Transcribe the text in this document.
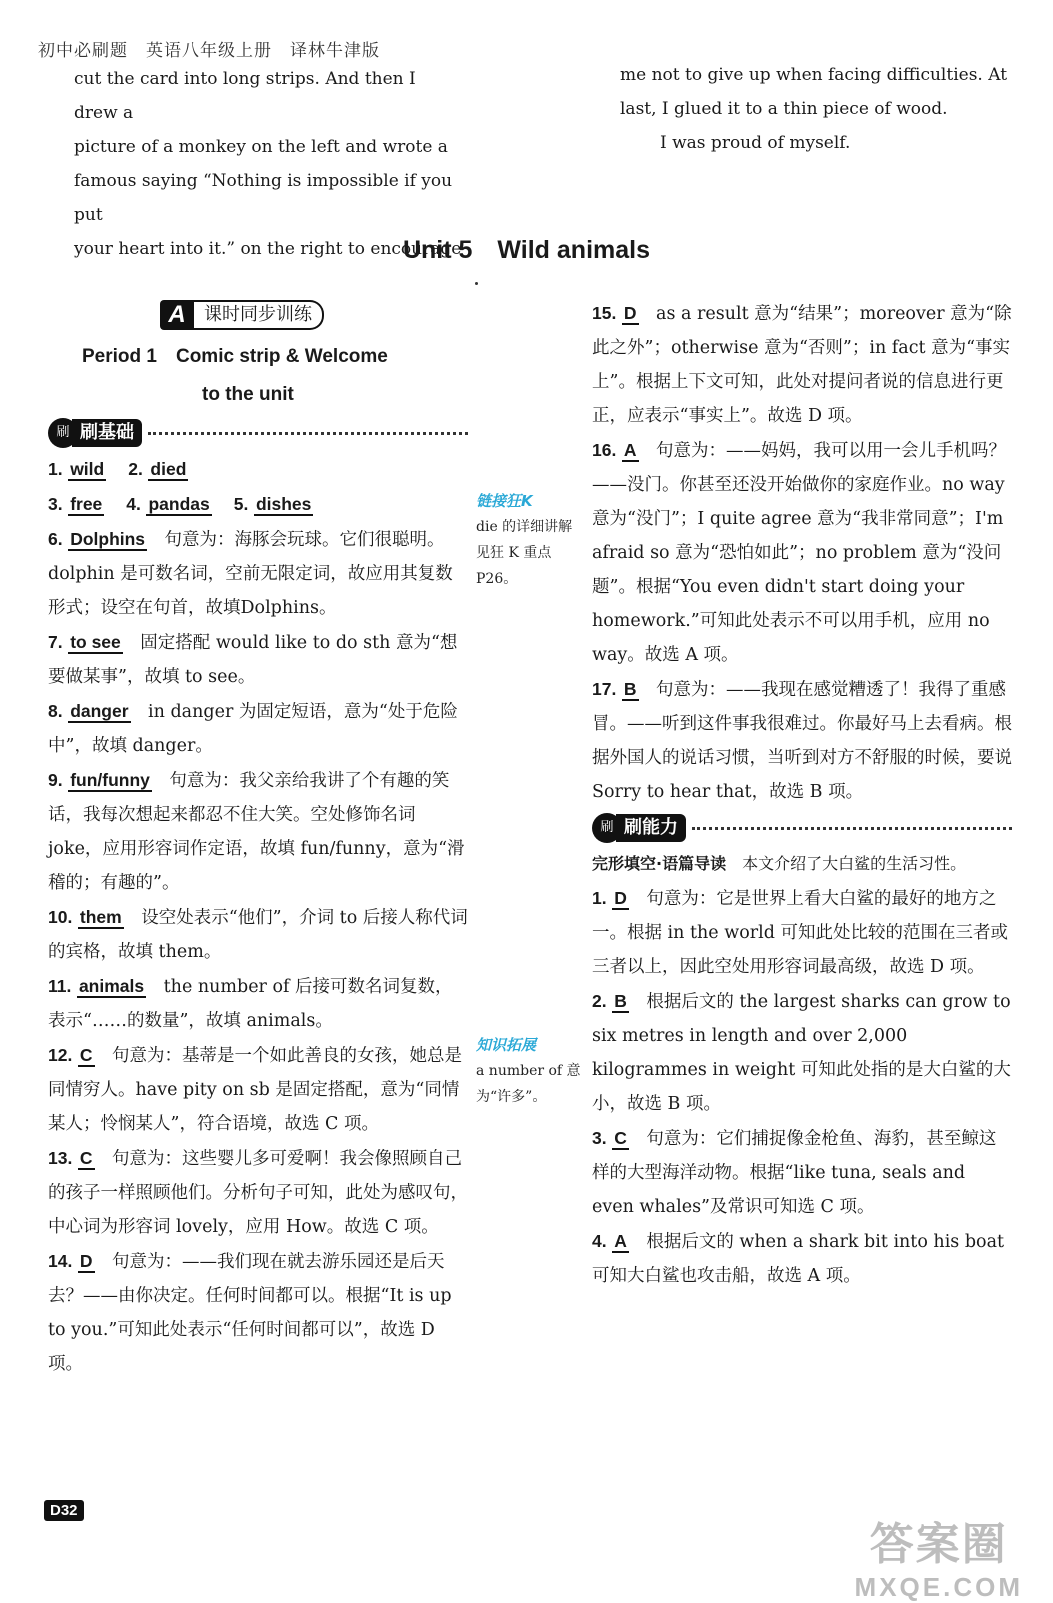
初中必刷题　英语八年级上册　译林牛津版

cut the card into long strips. And then I drew a

picture of a monkey on the left and wrote a

famous saying “Nothing is impossible if you put

your heart into it.” on the right to encourage

me not to give up when facing difficulties. At

last, I glued it to a thin piece of wood.

I was proud of myself.

Unit 5　Wild animals
A	课时同步训练
Period 1　Comic strip & Welcome
to the unit
刷 刷基础

1. wild 2. died

3. free 4. pandas 5. dishes

6. Dolphins　 句意为：海豚会玩球。它们很聪明。dolphin 是可数名词，空前无限定词，故应用其复数形式；设空在句首，故填Dolphins。

7. to see　 固定搭配 would like to do sth 意为“想要做某事”，故填 to see。

8. danger　 in danger 为固定短语，意为“处于危险中”，故填 danger。

9. fun/funny　 句意为：我父亲给我讲了个有趣的笑话，我每次想起来都忍不住大笑。空处修饰名词 joke，应用形容词作定语，故填 fun/funny，意为“滑稽的；有趣的”。

10. them　 设空处表示“他们”，介词 to 后接人称代词的宾格，故填 them。

11. animals　 the number of 后接可数名词复数，表示“……的数量”，故填 animals。

12. C　 句意为：基蒂是一个如此善良的女孩，她总是同情穷人。have pity on sb 是固定搭配，意为“同情某人；怜悯某人”，符合语境，故选 C 项。

13. C　 句意为：这些婴儿多可爱啊！我会像照顾自己的孩子一样照顾他们。分析句子可知，此处为感叹句，中心词为形容词 lovely，应用 How。故选 C 项。

14. D　 句意为：——我们现在就去游乐园还是后天去？——由你决定。任何时间都可以。根据“It is up to you.”可知此处表示“任何时间都可以”，故选 D 项。

链接狂K
die 的详细讲解见狂 K 重点 P26。
知识拓展
a number of 意为“许多”。

15. D　 as a result 意为“结果”；moreover 意为“除此之外”；otherwise 意为“否则”；in fact 意为“事实上”。根据上下文可知，此处对提问者说的信息进行更正，应表示“事实上”。故选 D 项。

16. A　 句意为：——妈妈，我可以用一会儿手机吗？——没门。你甚至还没开始做你的家庭作业。no way 意为“没门”；I quite agree 意为“我非常同意”；I'm afraid so 意为“恐怕如此”；no problem 意为“没问题”。根据“You even didn't start doing your homework.”可知此处表示不可以用手机，应用 no way。故选 A 项。

17. B　 句意为：——我现在感觉糟透了！我得了重感冒。——听到这件事我很难过。你最好马上去看病。根据外国人的说话习惯，当听到对方不舒服的时候，要说 Sorry to hear that，故选 B 项。

刷 刷能力

完形填空·语篇导读　 本文介绍了大白鲨的生活习性。

1. D　 句意为：它是世界上看大白鲨的最好的地方之一。根据 in the world 可知此处比较的范围在三者或三者以上，因此空处用形容词最高级，故选 D 项。

2. B　 根据后文的 the largest sharks can grow to six metres in length and over 2,000 kilogrammes in weight 可知此处指的是大白鲨的大小，故选 B 项。

3. C　 句意为：它们捕捉像金枪鱼、海豹，甚至鲸这样的大型海洋动物。根据“like tuna, seals and even whales”及常识可知选 C 项。

4. A　 根据后文的 when a shark bit into his boat 可知大白鲨也攻击船，故选 A 项。

D32
答案圈
MXQE.COM
